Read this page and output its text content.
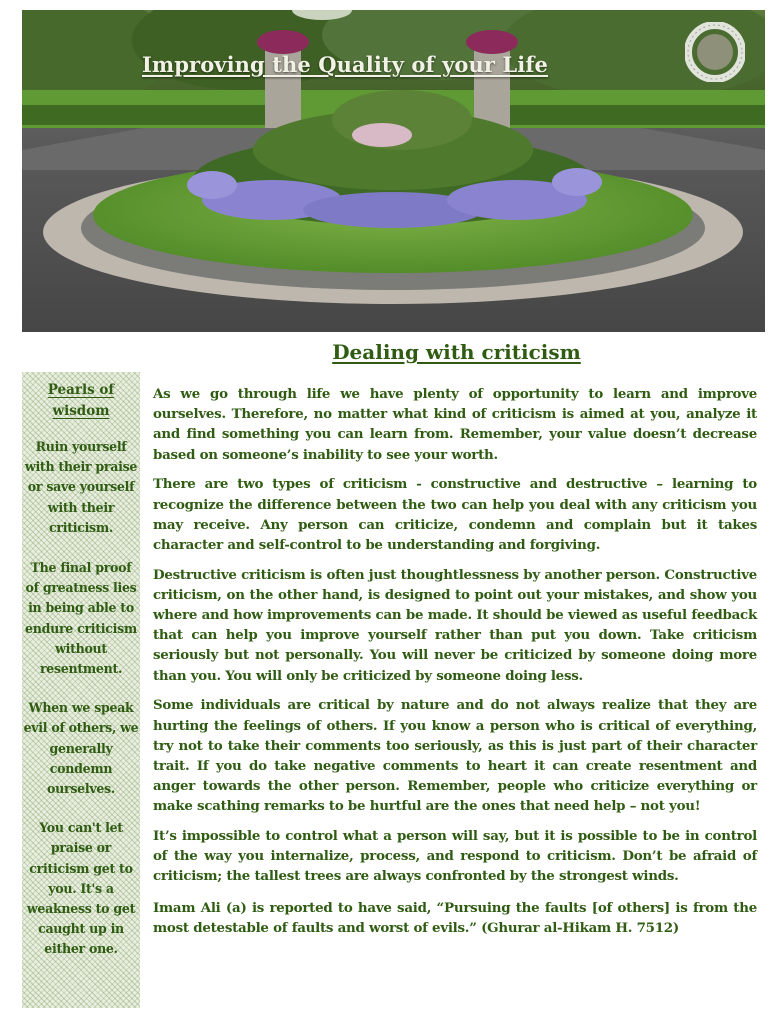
Improving the Quality of your Life
Dealing with criticism
Pearls of wisdom
Ruin yourself with their praise or save yourself with their criticism.
The final proof of greatness lies in being able to endure criticism without resentment.
When we speak evil of others, we generally condemn ourselves.
You can't let praise or criticism get to you. It's a weakness to get caught up in either one.

As we go through life we have plenty of opportunity to learn and improve ourselves. Therefore, no matter what kind of criticism is aimed at you, analyze it and find something you can learn from. Remember, your value doesn’t decrease based on someone’s inability to see your worth.

There are two types of criticism - constructive and destructive – learning to recognize the difference between the two can help you deal with any criticism you may receive. Any person can criticize, condemn and complain but it takes character and self-control to be understanding and forgiving.

Destructive criticism is often just thoughtlessness by another person. Constructive criticism, on the other hand, is designed to point out your mistakes, and show you where and how improvements can be made. It should be viewed as useful feedback that can help you improve yourself rather than put you down. Take criticism seriously but not personally. You will never be criticized by someone doing more than you. You will only be criticized by someone doing less.

Some individuals are critical by nature and do not always realize that they are hurting the feelings of others. If you know a person who is critical of everything, try not to take their comments too seriously, as this is just part of their character trait. If you do take negative comments to heart it can create resentment and anger towards the other person. Remember, people who criticize everything or make scathing remarks to be hurtful are the ones that need help – not you!

It’s impossible to control what a person will say, but it is possible to be in control of the way you internalize, process, and respond to criticism. Don’t be afraid of criticism; the tallest trees are always confronted by the strongest winds.

Imam Ali (a) is reported to have said, “Pursuing the faults [of others] is from the most detestable of faults and worst of evils.” (Ghurar al-Hikam H. 7512)
